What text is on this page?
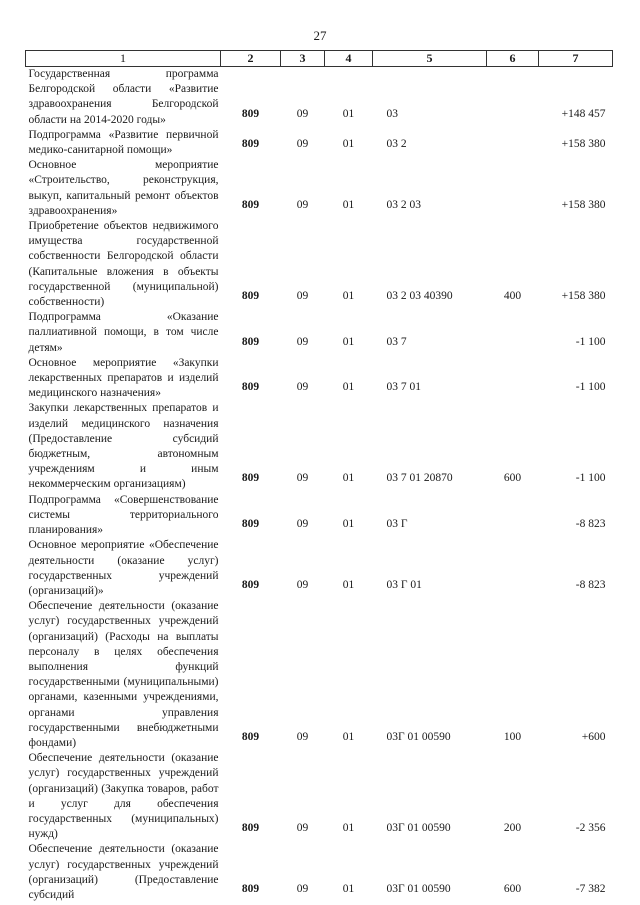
27
1	2	3	4	5	6	7
Государственная программа Белгородской области «Развитие здравоохранения Белгородской области на 2014-2020 годы»	809	09	01	03		+148 457
Подпрограмма «Развитие первичной медико-санитарной помощи»	809	09	01	03 2		+158 380
Основное мероприятие «Строительство, реконструкция, выкуп, капитальный ремонт объектов здравоохранения»	809	09	01	03 2 03		+158 380
Приобретение объектов недвижимого имущества государственной собственности Белгородской области (Капитальные вложения в объекты государственной (муниципальной) собственности)	809	09	01	03 2 03 40390	400	+158 380
Подпрограмма «Оказание паллиативной помощи, в том числе детям»	809	09	01	03 7		-1 100
Основное мероприятие «Закупки лекарственных препаратов и изделий медицинского назначения»	809	09	01	03 7 01		-1 100
Закупки лекарственных препаратов и изделий медицинского назначения (Предоставление субсидий бюджетным, автономным учреждениям и иным некоммерческим организациям)	809	09	01	03 7 01 20870	600	-1 100
Подпрограмма «Совершенствование системы территориального планирования»	809	09	01	03 Г		-8 823
Основное мероприятие «Обеспечение деятельности (оказание услуг) государственных учреждений (организаций)»	809	09	01	03 Г 01		-8 823
Обеспечение деятельности (оказание услуг) государственных учреждений (организаций) (Расходы на выплаты персоналу в целях обеспечения выполнения функций государственными (муниципальными) органами, казенными учреждениями, органами управления государственными внебюджетными фондами)	809	09	01	03Г 01 00590	100	+600
Обеспечение деятельности (оказание услуг) государственных учреждений (организаций) (Закупка товаров, работ и услуг для обеспечения государственных (муниципальных) нужд)	809	09	01	03Г 01 00590	200	-2 356
Обеспечение деятельности (оказание услуг) государственных учреждений (организаций) (Предоставление субсидий	809	09	01	03Г 01 00590	600	-7 382
